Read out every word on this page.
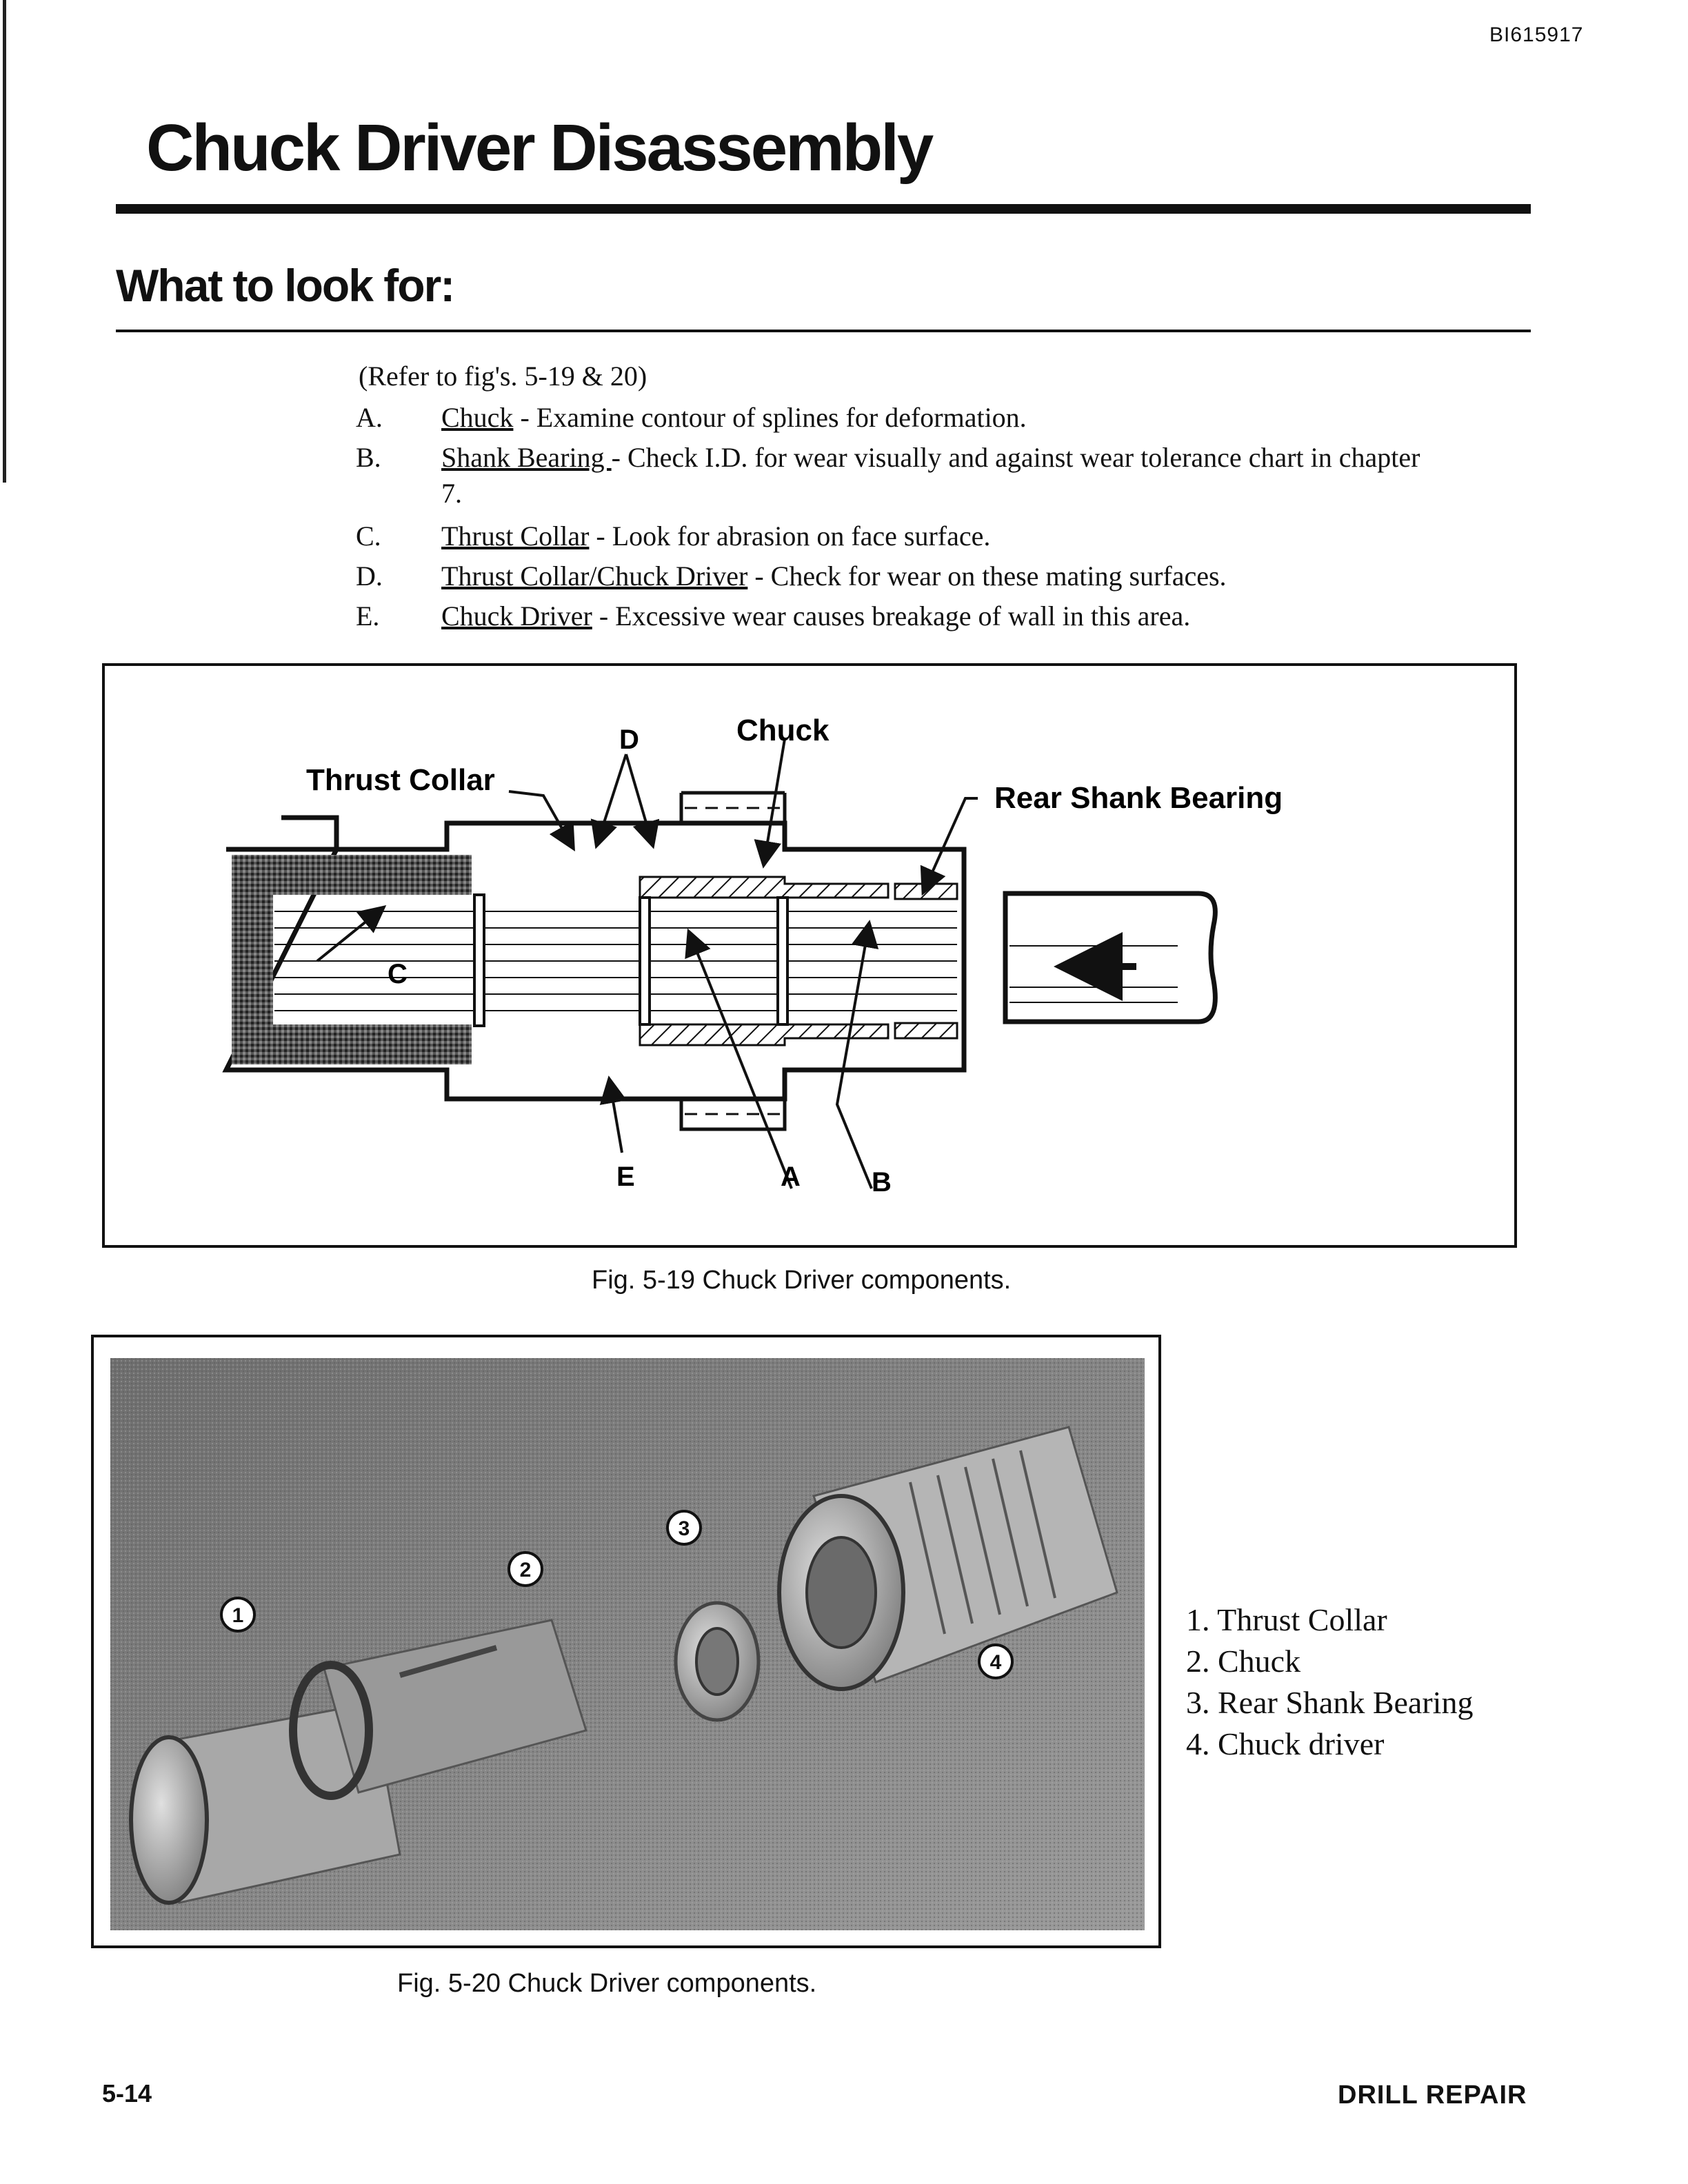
BI615917
Chuck Driver Disassembly
What to look for:
(Refer to fig's. 5-19 & 20)
A.	Chuck - Examine contour of splines for deformation.
B.	Shank Bearing - Check I.D. for wear visually and against wear tolerance chart in chapter 7.
C.	Thrust Collar - Look for abrasion on face surface.
D.	Thrust Collar/Chuck Driver - Check for wear on these mating surfaces.
E.	Chuck Driver - Excessive wear causes breakage of wall in this area.
Thrust Collar
D	Chuck
Rear Shank Bearing
C
E	A	B
Fig. 5-19 Chuck Driver components.
1
2
3
4
Fig. 5-20 Chuck Driver components.
1. Thrust Collar
2. Chuck
3. Rear Shank Bearing
4. Chuck driver
5-14	DRILL REPAIR
